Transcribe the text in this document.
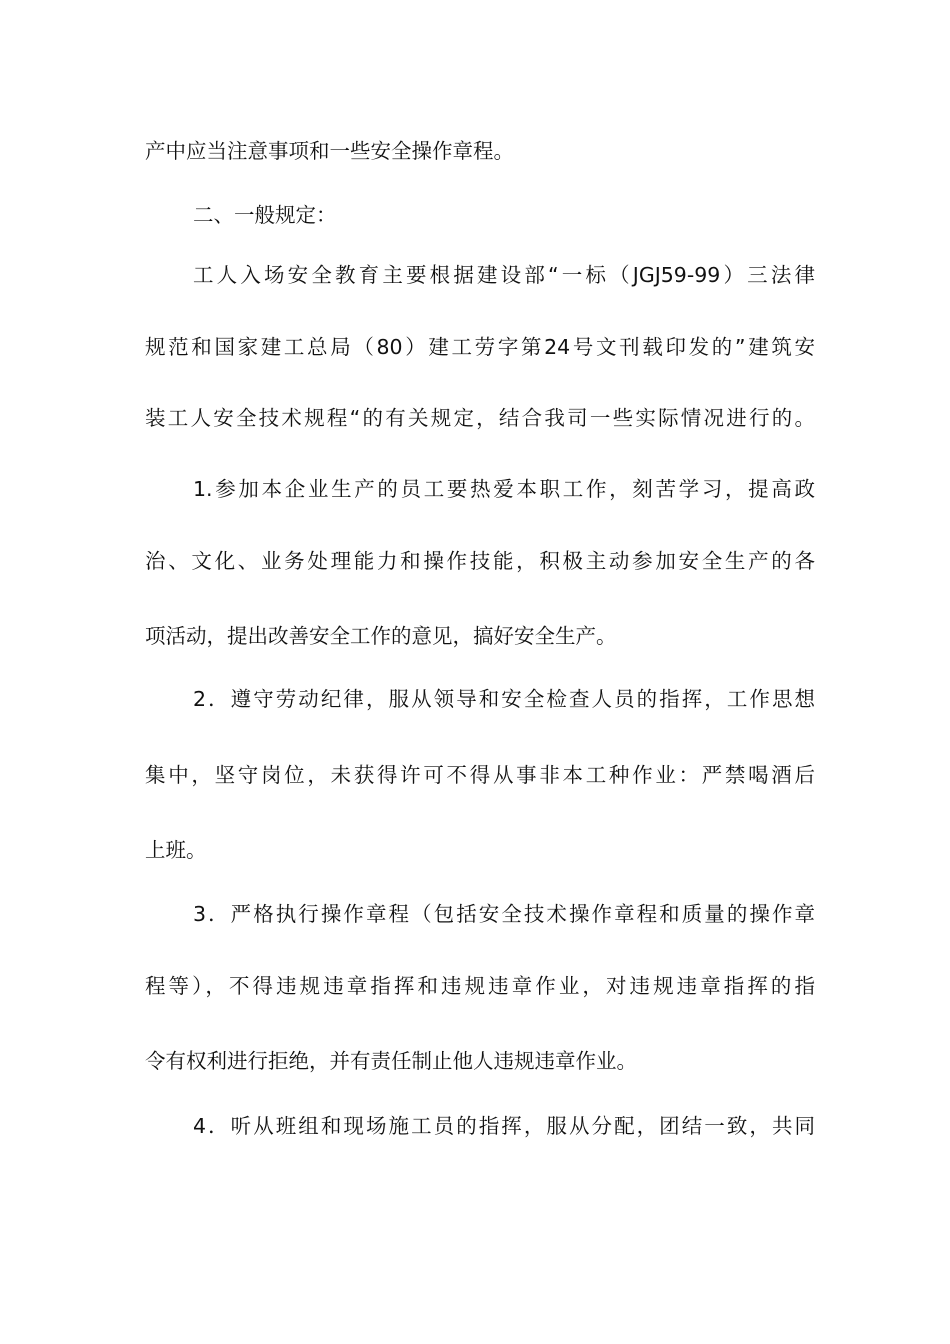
产中应当注意事项和一些安全操作章程。
二、一般规定：
工人入场安全教育主要根据建设部“一标（JGJ59-99）三法律
规范和国家建工总局（80）建工劳字第24号文刊载印发的”建筑安
装工人安全技术规程“的有关规定，结合我司一些实际情况进行的。
1.参加本企业生产的员工要热爱本职工作，刻苦学习，提高政
治、文化、业务处理能力和操作技能，积极主动参加安全生产的各
项活动，提出改善安全工作的意见，搞好安全生产。
2．遵守劳动纪律，服从领导和安全检查人员的指挥，工作思想
集中，坚守岗位，未获得许可不得从事非本工种作业：严禁喝酒后
上班。
3．严格执行操作章程（包括安全技术操作章程和质量的操作章
程等），不得违规违章指挥和违规违章作业，对违规违章指挥的指
令有权利进行拒绝，并有责任制止他人违规违章作业。
4．听从班组和现场施工员的指挥，服从分配，团结一致，共同
